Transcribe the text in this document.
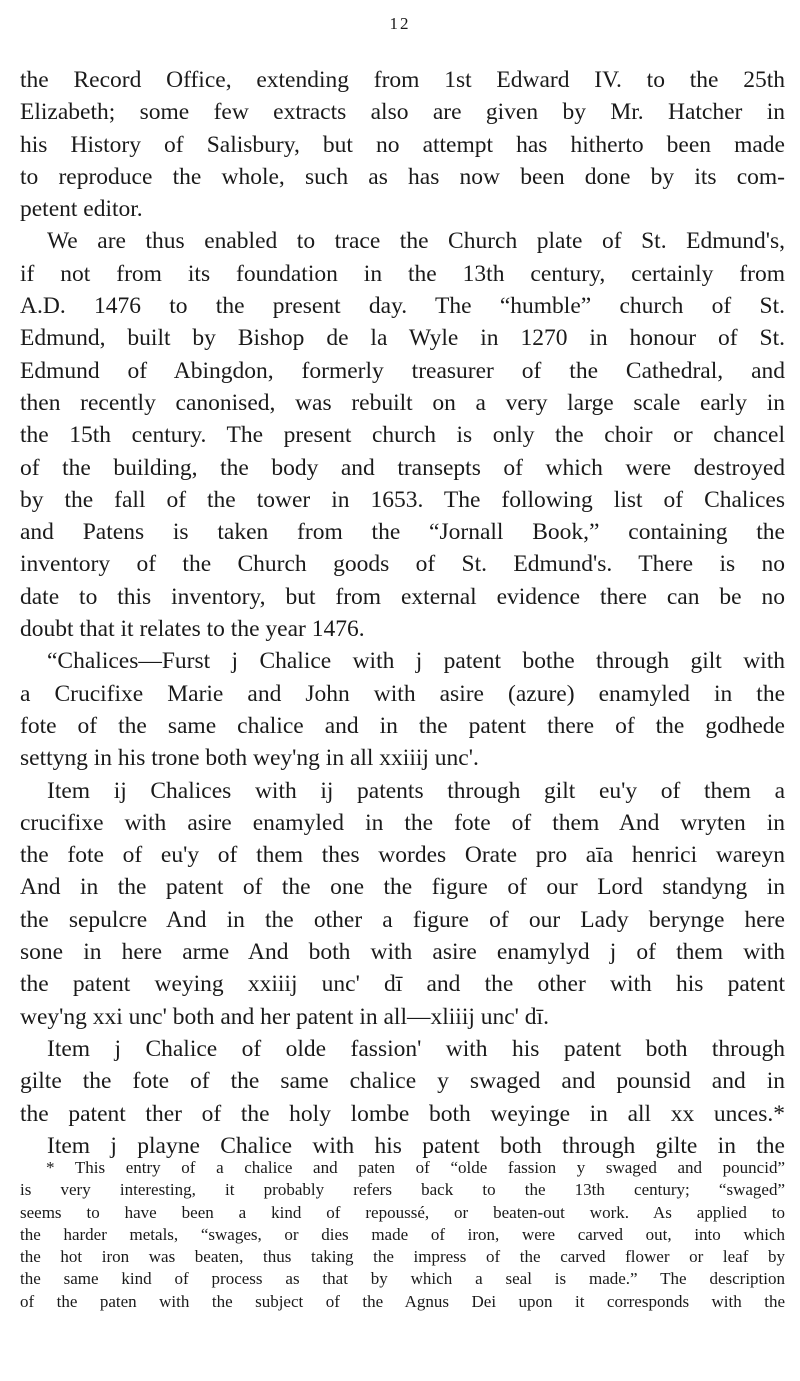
12
the Record Office, extending from 1st Edward IV. to the 25th
Elizabeth; some few extracts also are given by Mr. Hatcher in
his History of Salisbury, but no attempt has hitherto been made
to reproduce the whole, such as has now been done by its com-
petent editor.
We are thus enabled to trace the Church plate of St. Edmund's,
if not from its foundation in the 13th century, certainly from
A.D. 1476 to the present day. The “humble” church of St.
Edmund, built by Bishop de la Wyle in 1270 in honour of St.
Edmund of Abingdon, formerly treasurer of the Cathedral, and
then recently canonised, was rebuilt on a very large scale early in
the 15th century. The present church is only the choir or chancel
of the building, the body and transepts of which were destroyed
by the fall of the tower in 1653. The following list of Chalices
and Patens is taken from the “Jornall Book,” containing the
inventory of the Church goods of St. Edmund's. There is no
date to this inventory, but from external evidence there can be no
doubt that it relates to the year 1476.
“Chalices—Furst j Chalice with j patent bothe through gilt with
a Crucifixe Marie and John with asire (azure) enamyled in the
fote of the same chalice and in the patent there of the godhede
settyng in his trone both wey'ng in all xxiiij unc'.
Item ij Chalices with ij patents through gilt eu'y of them a
crucifixe with asire enamyled in the fote of them And wryten in
the fote of eu'y of them thes wordes Orate pro aīa henrici wareyn
And in the patent of the one the figure of our Lord standyng in
the sepulcre And in the other a figure of our Lady berynge here
sone in here arme And both with asire enamylyd j of them with
the patent weying xxiiij unc' dī and the other with his patent
wey'ng xxi unc' both and her patent in all—xliiij unc' dī.
Item j Chalice of olde fassion' with his patent both through
gilte the fote of the same chalice y swaged and pounsid and in
the patent ther of the holy lombe both weyinge in all xx unces.*
Item j playne Chalice with his patent both through gilte in the
* This entry of a chalice and paten of “olde fassion y swaged and pouncid”
is very interesting, it probably refers back to the 13th century; “swaged”
seems to have been a kind of repoussé, or beaten-out work. As applied to
the harder metals, “swages, or dies made of iron, were carved out, into which
the hot iron was beaten, thus taking the impress of the carved flower or leaf by
the same kind of process as that by which a seal is made.” The description
of the paten with the subject of the Agnus Dei upon it corresponds with the
